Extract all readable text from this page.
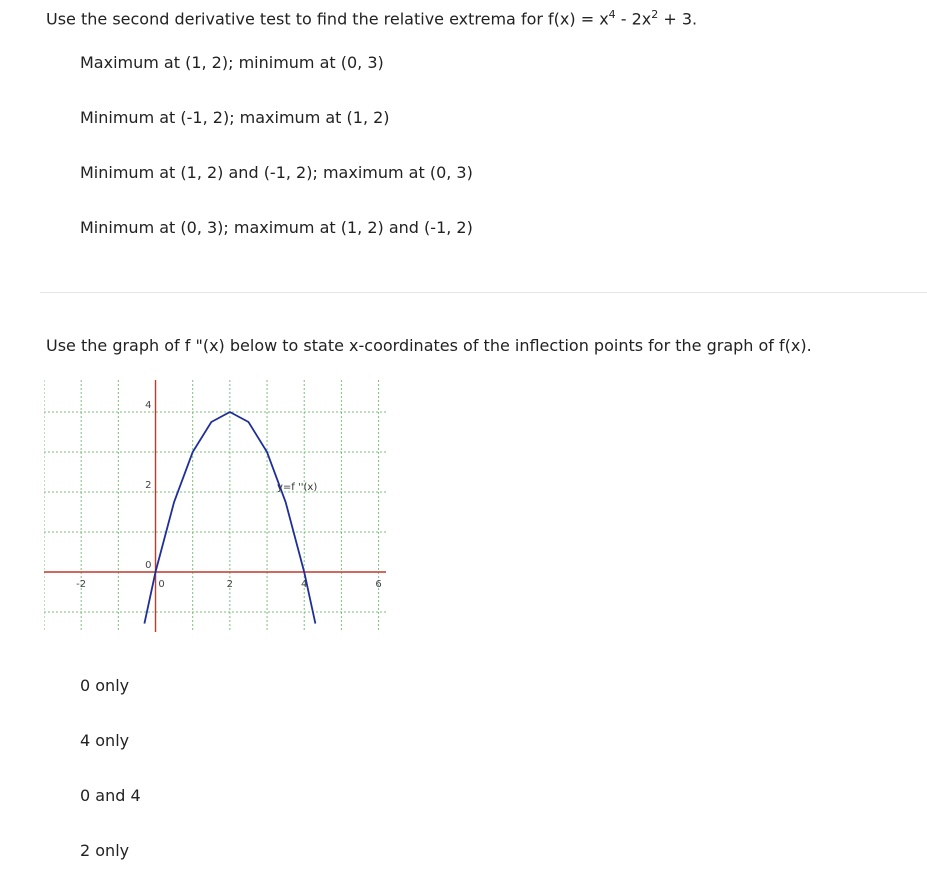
Use the second derivative test to find the relative extrema for $f(x) = x^4 - 2x^2 + 3$.
Maximum at (1, 2); minimum at (0, 3)
Minimum at (-1, 2); maximum at (1, 2)
Minimum at (1, 2) and (-1, 2); maximum at (0, 3)
Minimum at (0, 3); maximum at (1, 2) and (-1, 2)
Use the graph of f "(x) below to state x-coordinates of the inflection points for the graph of f(x).
-2	0	2	4	6
0
2
4
y=f ''(x)
0 only
4 only
0 and 4
2 only
